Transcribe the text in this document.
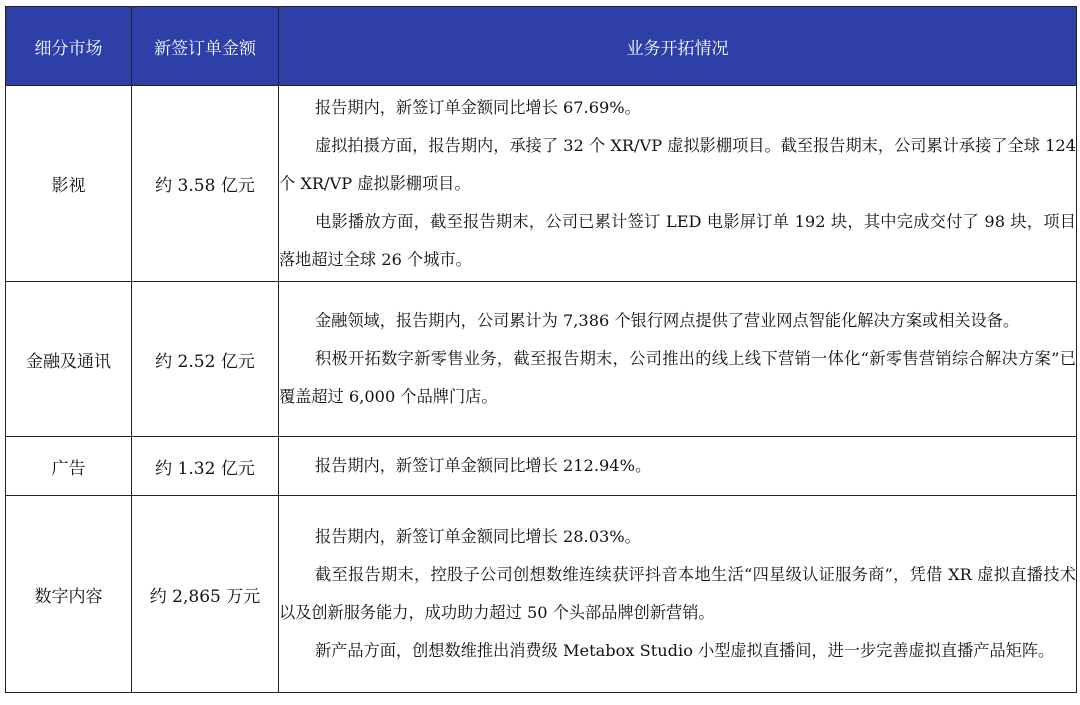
细分市场	新签订单金额	业务开拓情况
影视	约 3.58 亿元	报告期内，新签订单金额同比增长 67.69%。

虚拟拍摄方面，报告期内，承接了 32 个 XR/VP 虚拟影棚项目。截至报告期末，公司累计承接了全球 124 个 XR/VP 虚拟影棚项目。

电影播放方面，截至报告期末，公司已累计签订 LED 电影屏订单 192 块，其中完成交付了 98 块，项目落地超过全球 26 个城市。

金融及通讯	约 2.52 亿元	金融领域，报告期内，公司累计为 7,386 个银行网点提供了营业网点智能化解决方案或相关设备。

积极开拓数字新零售业务，截至报告期末，公司推出的线上线下营销一体化“新零售营销综合解决方案”已覆盖超过 6,000 个品牌门店。

广告	约 1.32 亿元	报告期内，新签订单金额同比增长 212.94%。

数字内容	约 2,865 万元	报告期内，新签订单金额同比增长 28.03%。

截至报告期末，控股子公司创想数维连续获评抖音本地生活“四星级认证服务商”，凭借 XR 虚拟直播技术以及创新服务能力，成功助力超过 50 个头部品牌创新营销。

新产品方面，创想数维推出消费级 Metabox Studio 小型虚拟直播间，进一步完善虚拟直播产品矩阵。
